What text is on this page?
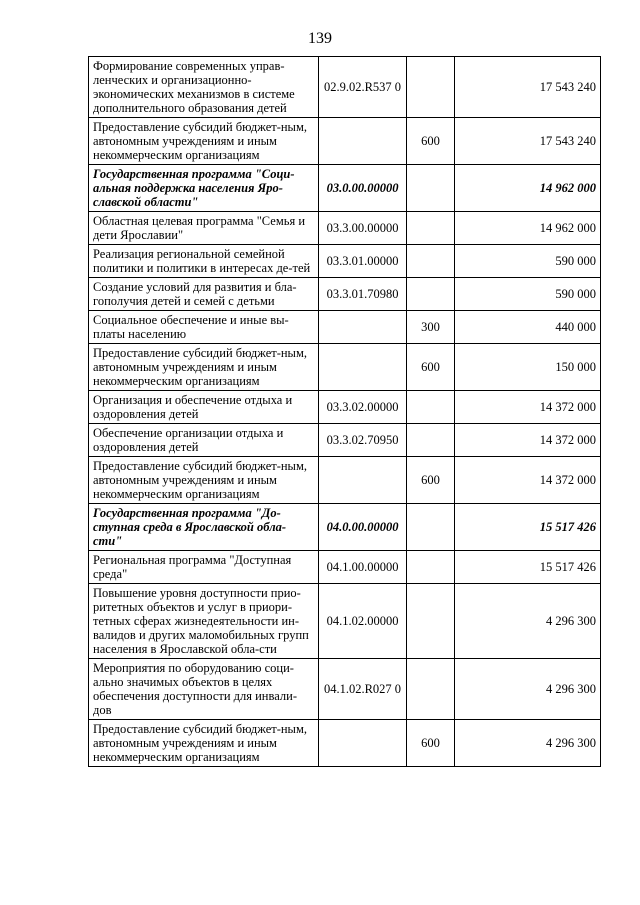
139
Формирование современных управ-ленческих и организационно-экономических механизмов в системе дополнительного образования детей	02.9.02.R537 0		17 543 240
Предоставление субсидий бюджет-ным, автономным учреждениям и иным некоммерческим организациям		600	17 543 240
Государственная программа "Соци-альная поддержка населения Яро-славской области"	03.0.00.00000		14 962 000
Областная целевая программа "Семья и дети Ярославии"	03.3.00.00000		14 962 000
Реализация региональной семейной политики и политики в интересах де-тей	03.3.01.00000		590 000
Создание условий для развития и бла-гополучия детей и семей с детьми	03.3.01.70980		590 000
Социальное обеспечение и иные вы-платы населению		300	440 000
Предоставление субсидий бюджет-ным, автономным учреждениям и иным некоммерческим организациям		600	150 000
Организация и обеспечение отдыха и оздоровления детей	03.3.02.00000		14 372 000
Обеспечение организации отдыха и оздоровления детей	03.3.02.70950		14 372 000
Предоставление субсидий бюджет-ным, автономным учреждениям и иным некоммерческим организациям		600	14 372 000
Государственная программа "До-ступная среда в Ярославской обла-сти"	04.0.00.00000		15 517 426
Региональная программа "Доступная среда"	04.1.00.00000		15 517 426
Повышение уровня доступности прио-ритетных объектов и услуг в приори-тетных сферах жизнедеятельности ин-валидов и других маломобильных групп населения в Ярославской обла-сти	04.1.02.00000		4 296 300
Мероприятия по оборудованию соци-ально значимых объектов в целях обеспечения доступности для инвали-дов	04.1.02.R027 0		4 296 300
Предоставление субсидий бюджет-ным, автономным учреждениям и иным некоммерческим организациям		600	4 296 300
